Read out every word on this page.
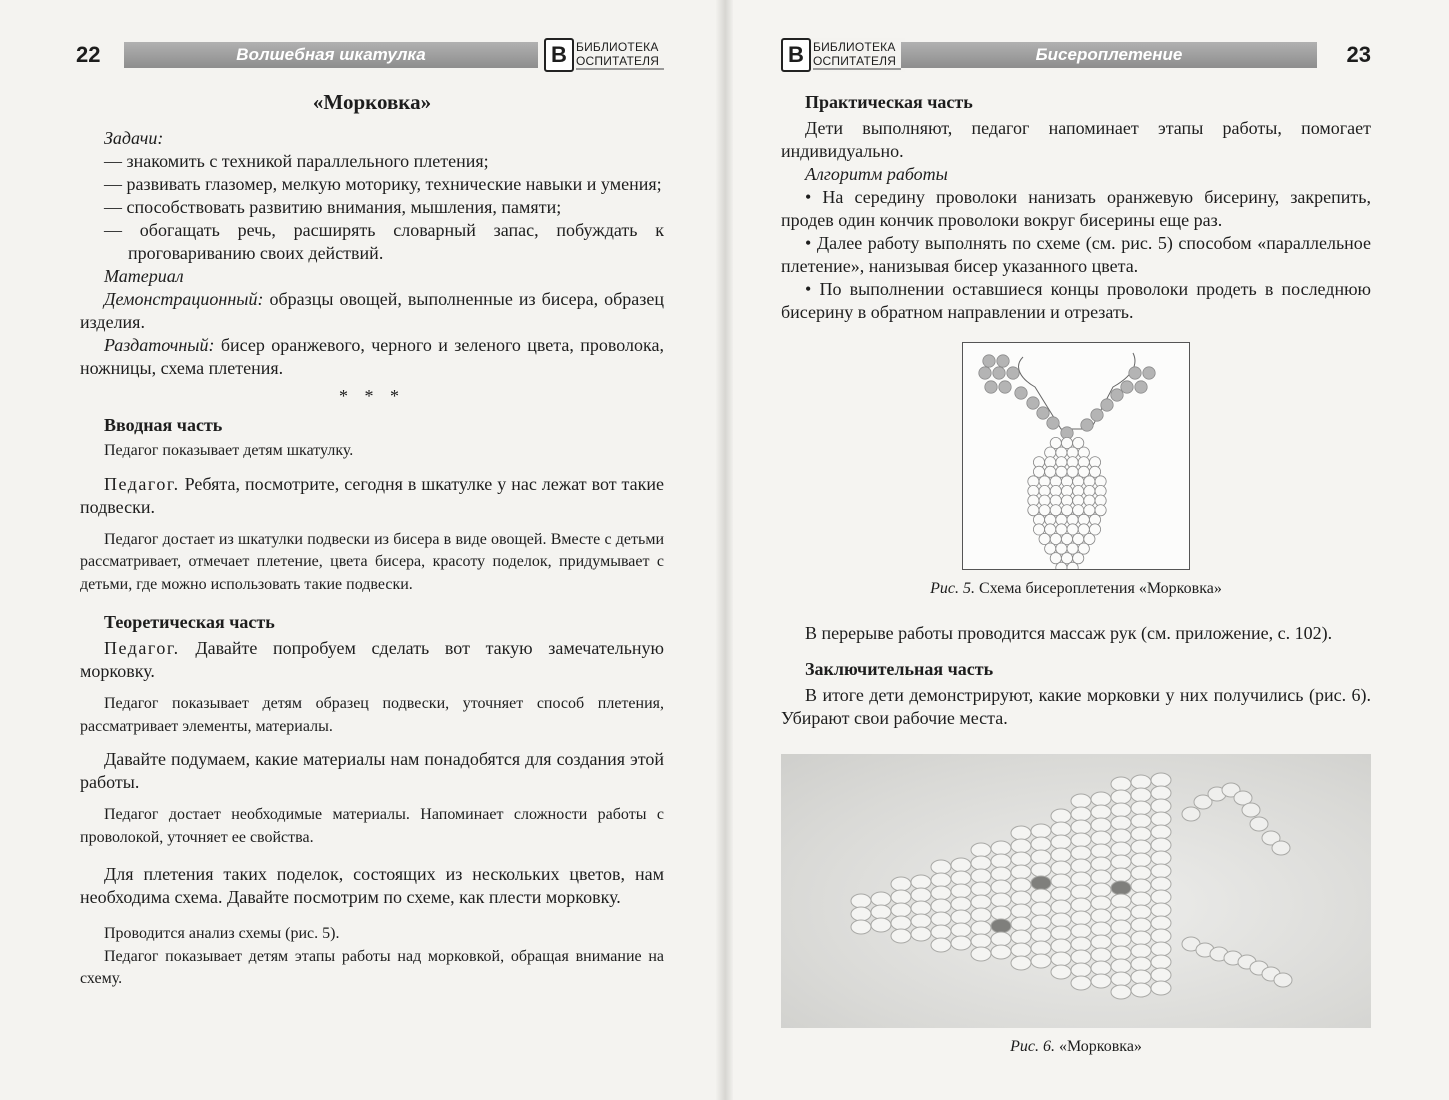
22	Волшебная шкатулка	В БИБЛИОТЕКА
ОСПИТАТЕЛЯ

«Морковка»

Задачи:

— знакомить с техникой параллельного плетения;

— развивать глазомер, мелкую моторику, технические навыки и умения;

— способствовать развитию внимания, мышления, памяти;

— обогащать речь, расширять словарный запас, побуждать к проговариванию своих действий.

Материал

Демонстрационный: образцы овощей, выполненные из бисера, образец изделия.

Раздаточный: бисер оранжевого, черного и зеленого цвета, проволока, ножницы, схема плетения.

* * *

Вводная часть

Педагог показывает детям шкатулку.

Педагог. Ребята, посмотрите, сегодня в шкатулке у нас лежат вот такие подвески.

Педагог достает из шкатулки подвески из бисера в виде овощей. Вместе с детьми рассматривает, отмечает плетение, цвета бисера, красоту поделок, придумывает с детьми, где можно использовать такие подвески.

Теоретическая часть

Педагог. Давайте попробуем сделать вот такую замечательную морковку.

Педагог показывает детям образец подвески, уточняет способ плетения, рассматривает элементы, материалы.

Давайте подумаем, какие материалы нам понадобятся для создания этой работы.

Педагог достает необходимые материалы. Напоминает сложности работы с проволокой, уточняет ее свойства.

Для плетения таких поделок, состоящих из нескольких цветов, нам необходима схема. Давайте посмотрим по схеме, как плести морковку.

Проводится анализ схемы (рис. 5).

Педагог показывает детям этапы работы над морковкой, обращая внимание на схему.

В БИБЛИОТЕКА
ОСПИТАТЕЛЯ	Бисероплетение	23

Практическая часть

Дети выполняют, педагог напоминает этапы работы, помогает индивидуально.

Алгоритм работы

• На середину проволоки нанизать оранжевую бисерину, закрепить, продев один кончик проволоки вокруг бисерины еще раз.

• Далее работу выполнять по схеме (см. рис. 5) способом «параллельное плетение», нанизывая бисер указанного цвета.

• По выполнении оставшиеся концы проволоки продеть в последнюю бисерину в обратном направлении и отрезать.

Рис. 5. Схема бисероплетения «Морковка»

В перерыве работы проводится массаж рук (см. приложение, с. 102).

Заключительная часть

В итоге дети демонстрируют, какие морковки у них получились (рис. 6). Убирают свои рабочие места.

Рис. 6. «Морковка»
